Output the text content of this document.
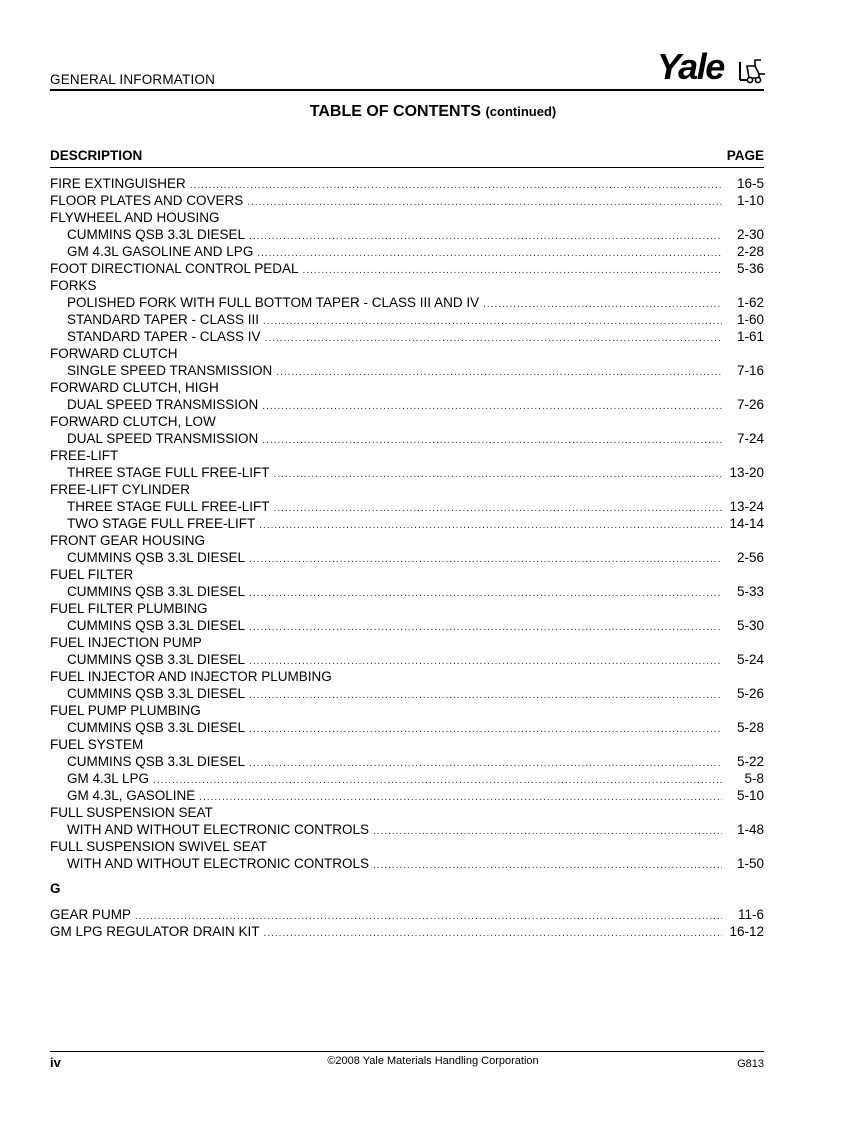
GENERAL INFORMATION	Yale
TABLE OF CONTENTS (continued)
DESCRIPTION	PAGE
FIRE EXTINGUISHER .....	16-5
FLOOR PLATES AND COVERS .....	1-10
FLYWHEEL AND HOUSING
CUMMINS QSB 3.3L DIESEL .....	2-30
GM 4.3L GASOLINE AND LPG .....	2-28
FOOT DIRECTIONAL CONTROL PEDAL .....	5-36
FORKS
POLISHED FORK WITH FULL BOTTOM TAPER - CLASS III AND IV .....	1-62
STANDARD TAPER - CLASS III .....	1-60
STANDARD TAPER - CLASS IV .....	1-61
FORWARD CLUTCH
SINGLE SPEED TRANSMISSION .....	7-16
FORWARD CLUTCH, HIGH
DUAL SPEED TRANSMISSION .....	7-26
FORWARD CLUTCH, LOW
DUAL SPEED TRANSMISSION .....	7-24
FREE-LIFT
THREE STAGE FULL FREE-LIFT .....	13-20
FREE-LIFT CYLINDER
THREE STAGE FULL FREE-LIFT .....	13-24
TWO STAGE FULL FREE-LIFT .....	14-14
FRONT GEAR HOUSING
CUMMINS QSB 3.3L DIESEL .....	2-56
FUEL FILTER
CUMMINS QSB 3.3L DIESEL .....	5-33
FUEL FILTER PLUMBING
CUMMINS QSB 3.3L DIESEL .....	5-30
FUEL INJECTION PUMP
CUMMINS QSB 3.3L DIESEL .....	5-24
FUEL INJECTOR AND INJECTOR PLUMBING
CUMMINS QSB 3.3L DIESEL .....	5-26
FUEL PUMP PLUMBING
CUMMINS QSB 3.3L DIESEL .....	5-28
FUEL SYSTEM
CUMMINS QSB 3.3L DIESEL .....	5-22
GM 4.3L LPG .....	5-8
GM 4.3L, GASOLINE .....	5-10
FULL SUSPENSION SEAT
WITH AND WITHOUT ELECTRONIC CONTROLS .....	1-48
FULL SUSPENSION SWIVEL SEAT
WITH AND WITHOUT ELECTRONIC CONTROLS .....	1-50
G
GEAR PUMP .....	11-6
GM LPG REGULATOR DRAIN KIT .....	16-12
iv	©2008 Yale Materials Handling Corporation	G813
